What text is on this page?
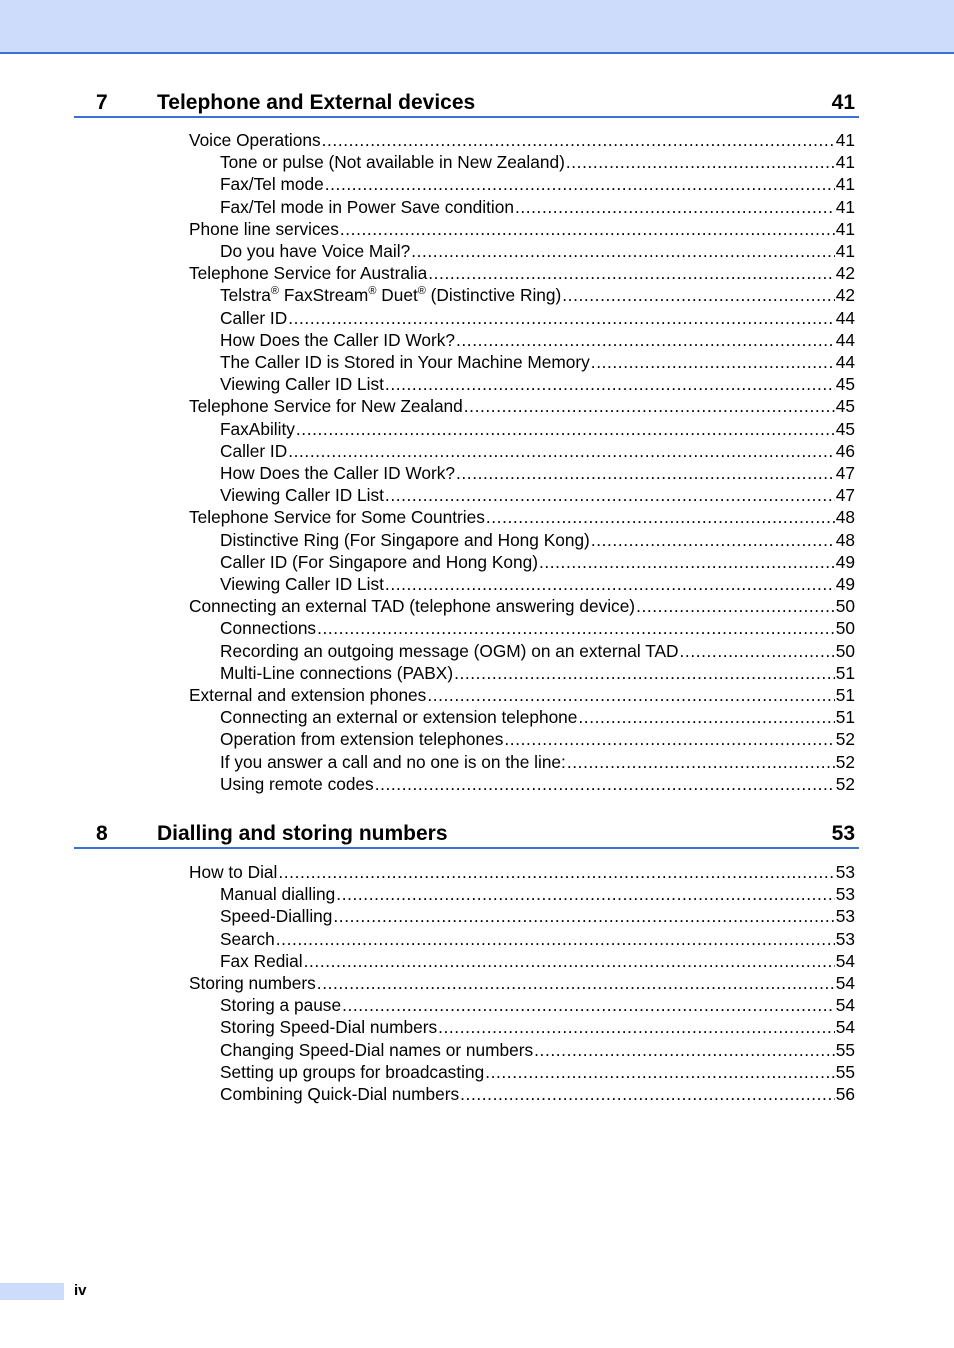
7 Telephone and External devices	41
Voice Operations .....	41
Tone or pulse (Not available in New Zealand) .....	41
Fax/Tel mode .....	41
Fax/Tel mode in Power Save condition .....	41
Phone line services .....	41
Do you have Voice Mail? .....	41
Telephone Service for Australia .....	42
Telstra® FaxStream® Duet® (Distinctive Ring) .....	42
Caller ID .....	44
How Does the Caller ID Work? .....	44
The Caller ID is Stored in Your Machine Memory .....	44
Viewing Caller ID List .....	45
Telephone Service for New Zealand .....	45
FaxAbility .....	45
Caller ID .....	46
How Does the Caller ID Work? .....	47
Viewing Caller ID List .....	47
Telephone Service for Some Countries .....	48
Distinctive Ring (For Singapore and Hong Kong) .....	48
Caller ID (For Singapore and Hong Kong) .....	49
Viewing Caller ID List .....	49
Connecting an external TAD (telephone answering device) .....	50
Connections .....	50
Recording an outgoing message (OGM) on an external TAD .....	50
Multi-Line connections (PABX) .....	51
External and extension phones .....	51
Connecting an external or extension telephone .....	51
Operation from extension telephones .....	52
If you answer a call and no one is on the line: .....	52
Using remote codes .....	52
8 Dialling and storing numbers	53
How to Dial .....	53
Manual dialling .....	53
Speed-Dialling .....	53
Search .....	53
Fax Redial .....	54
Storing numbers .....	54
Storing a pause .....	54
Storing Speed-Dial numbers .....	54
Changing Speed-Dial names or numbers .....	55
Setting up groups for broadcasting .....	55
Combining Quick-Dial numbers .....	56
iv
